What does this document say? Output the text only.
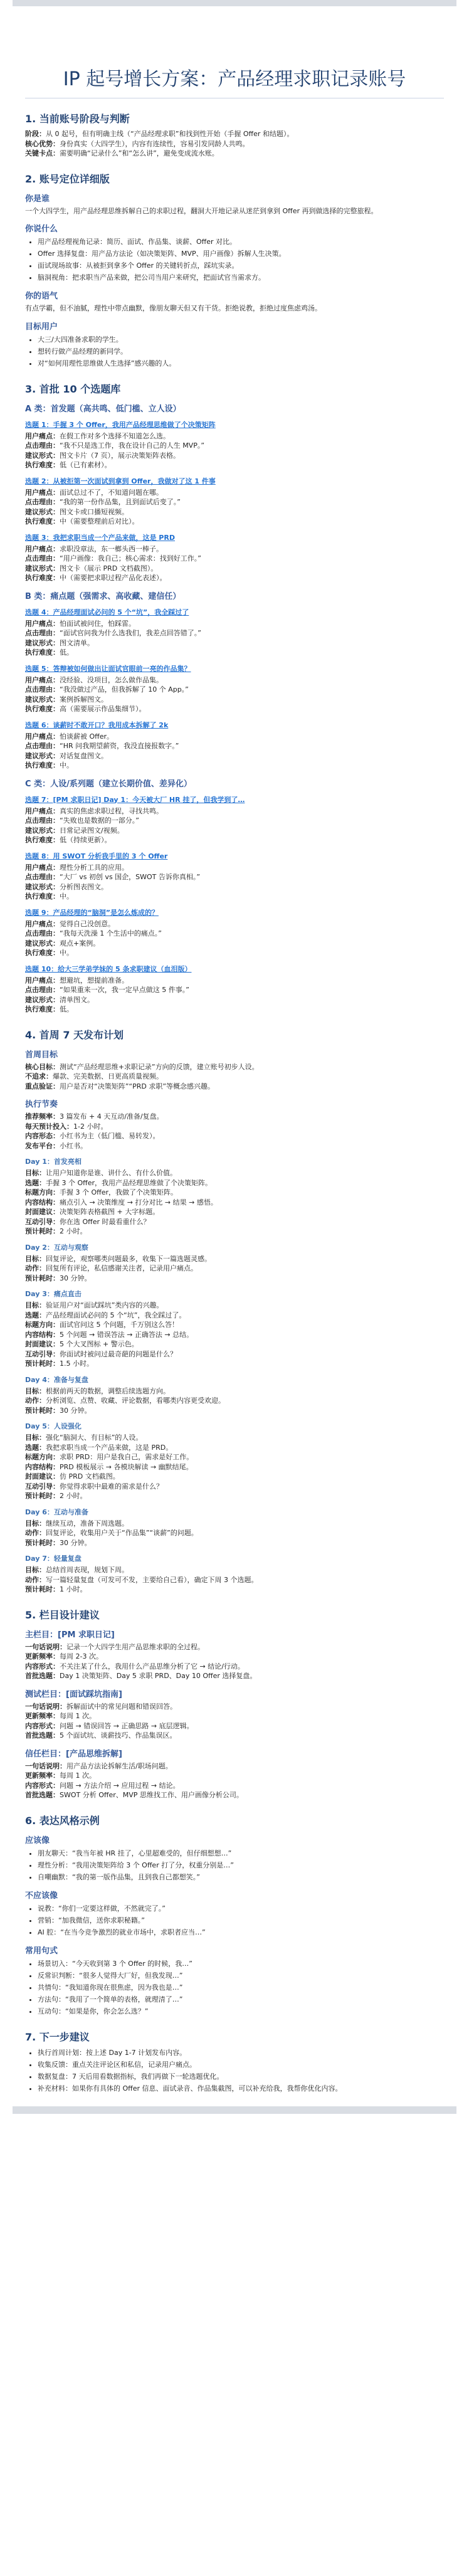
IP 起号增长方案：产品经理求职记录账号
1. 当前账号阶段与判断

阶段：从 0 起号，但有明确主线（“产品经理求职”和找到性开始（手握 Offer 和结题）。

核心优势：身份真实（大四学生），内容有连续性，容易引发同龄人共鸣。

关键卡点：需要明确“记录什么”和“怎么讲”，避免变成流水账。

2. 账号定位详细版
你是谁

一个大四学生，用产品经理思维拆解自己的求职过程，翻洞大开地记录从迷茫到拿到 Offer 再到做选择的完整旅程。

你说什么
• 用产品经理视角记录：简历、面试、作品集、谈薪、Offer 对比。
• Offer 选择复盘：用产品方法论（如决策矩阵、MVP、用户画像）拆解人生决策。
• 面试现场故事：从被拒到拿多个 Offer 的关键转折点，踩坑实录。
• 脑洞视角：把求职当产品来做，把公司当用户来研究，把面试官当需求方。
你的语气

有点学霸，但不油腻，理性中带点幽默，像朋友聊天但又有干货。拒绝说教，拒绝过度焦虑鸡汤。

目标用户
• 大三/大四准备求职的学生。
• 想转行做产品经理的新同学。
• 对“如何用理性思维做人生选择”感兴趣的人。
3. 首批 10 个选题库
A 类：首发题（高共鸣、低门槛、立人设）
选题 1：手握 3 个 Offer，我用产品经理思维做了个决策矩阵

用户痛点：在假工作对多个选择不知道怎么选。

点击理由：“我不只是选工作，我在设计自己的人生 MVP。”

建议形式：图文卡片（7 页），展示决策矩阵表格。

执行难度：低（已有素材）。

选题 2：从被拒第一次面试到拿到 Offer，我做对了这 1 件事

用户痛点：面试总过不了，不知道问题在哪。

点击理由：“我的第一份作品集，且到面试后变了。”

建议形式：图文卡或口播短视频。

执行难度：中（需要整理前后对比）。

选题 3：我把求职当成一个产品来做，这是 PRD

用户痛点：求职没章法，东一榔头西一棒子。

点击理由：“用户画像：我自己；核心需求：找到好工作。”

建议形式：图文卡（展示 PRD 文档截图）。

执行难度：中（需要把求职过程产品化表述）。

B 类：痛点题（强需求、高收藏、建信任）
选题 4：产品经理面试必问的 5 个“坑”，我全踩过了

用户痛点：怕面试被问住，怕踩雷。

点击理由：“面试官问我为什么选我们，我差点回答错了。”

建议形式：图文清单。

执行难度：低。

选题 5：答辩被如何做出让面试官眼前一亮的作品集？

用户痛点：没经验、没项目，怎么做作品集。

点击理由：“我没做过产品，但我拆解了 10 个 App。”

建议形式：案例拆解图文。

执行难度：高（需要展示作品集细节）。

选题 6：谈薪时不敢开口？我用成本拆解了 2k

用户痛点：怕谈薪被 Offer。

点击理由：“HR 问我期望薪资，我没直接报数字。”

建议形式：对话复盘图文。

执行难度：中。

C 类：人设/系列题（建立长期价值、差异化）
选题 7：[PM 求职日记] Day 1：今天被大厂 HR 挂了，但我学到了…

用户痛点：真实的焦虑求职过程，寻找共鸣。

点击理由：“失败也是数据的一部分。”

建议形式：日常记录图文/视频。

执行难度：低（持续更新）。

选题 8：用 SWOT 分析我手里的 3 个 Offer

用户痛点：理性分析工具的应用。

点击理由：“大厂 vs 初创 vs 国企，SWOT 告诉你真相。”

建议形式：分析图表图文。

执行难度：中。

选题 9：产品经理的“脑洞”是怎么炼成的？

用户痛点：觉得自己没创意。

点击理由：“我每天洗澡 1 个生活中的痛点。”

建议形式：观点+案例。

执行难度：中。

选题 10：给大三学弟学妹的 5 条求职建议（血泪版）

用户痛点：想避坑，想提前准备。

点击理由：“如果重来一次，我一定早点做这 5 件事。”

建议形式：清单图文。

执行难度：低。

4. 首周 7 天发布计划
首周目标

核心目标：测试“产品经理思维+求职记录”方向的反馈，建立账号初步人设。

不追求：爆款、完美数据、日更高质量视频。

重点验证：用户是否对“决策矩阵”“PRD 求职”等概念感兴趣。

执行节奏

推荐频率：3 篇发布 + 4 天互动/准备/复盘。

每天预计投入：1-2 小时。

内容形态：小红书为主（低门槛、易转发）。

发布平台：小红书。

Day 1：首发亮相

目标：让用户知道你是谁、讲什么、有什么价值。

选题：手握 3 个 Offer，我用产品经理思维做了个决策矩阵。

标题方向：手握 3 个 Offer，我做了个决策矩阵。

内容结构：痛点引入 → 决策维度 → 打分对比 → 结果 → 感悟。

封面建议：决策矩阵表格截图 + 大字标题。

互动引导：你在选 Offer 时最看重什么？

预计耗时：2 小时。

Day 2：互动与观察

目标：回复评论，观察哪类问题最多，收集下一篇选题灵感。

动作：回复所有评论，私信感谢关注者，记录用户痛点。

预计耗时：30 分钟。

Day 3：痛点直击

目标：验证用户对“面试踩坑”类内容的兴趣。

选题：产品经理面试必问的 5 个“坑”，我全踩过了。

标题方向：面试官问这 5 个问题，千万别这么答！

内容结构：5 个问题 → 错误答法 → 正确答法 → 总结。

封面建议：5 个大叉图标 + 警示色。

互动引导：你面试时被问过最奇葩的问题是什么？

预计耗时：1.5 小时。

Day 4：准备与复盘

目标：根据前两天的数据，调整后续选题方向。

动作：分析浏览、点赞、收藏、评论数据，看哪类内容更受欢迎。

预计耗时：30 分钟。

Day 5：人设强化

目标：强化“脑洞大、有目标”的人设。

选题：我把求职当成一个产品来做，这是 PRD。

标题方向：求职 PRD：用户是我自己，需求是好工作。

内容结构：PRD 模板展示 → 各模块解读 → 幽默结尾。

封面建议：仿 PRD 文档截图。

互动引导：你觉得求职中最难的需求是什么？

预计耗时：2 小时。

Day 6：互动与准备

目标：继续互动，准备下周选题。

动作：回复评论，收集用户关于“作品集”“谈薪”的问题。

预计耗时：30 分钟。

Day 7：轻量复盘

目标：总结首周表现，规划下周。

动作：写一篇轻量复盘（可发可不发，主要给自己看），确定下周 3 个选题。

预计耗时：1 小时。

5. 栏目设计建议
主栏目：[PM 求职日记]

一句话说明：记录一个大四学生用产品思维求职的全过程。

更新频率：每周 2-3 次。

内容形式：不关注某了什么，我用什么产品思维分析了它 → 结论/行动。

首批选题：Day 1 决策矩阵、Day 5 求职 PRD、Day 10 Offer 选择复盘。

测试栏目：[面试踩坑指南]

一句话说明：拆解面试中的常见问题和错误回答。

更新频率：每周 1 次。

内容形式：问题 → 错误回答 → 正确思路 → 底层逻辑。

首批选题：5 个面试坑、谈薪技巧、作品集误区。

信任栏目：[产品思维拆解]

一句话说明：用产品方法论拆解生活/职场问题。

更新频率：每周 1 次。

内容形式：问题 → 方法介绍 → 应用过程 → 结论。

首批选题：SWOT 分析 Offer、MVP 思维找工作、用户画像分析公司。

6. 表达风格示例
应该像
• 朋友聊天：“我当年被 HR 挂了，心里超难受的，但仔细想想…”
• 理性分析：“我用决策矩阵给 3 个 Offer 打了分，权重分别是…”
• 自嘲幽默：“我的第一版作品集，且到我自己都想笑。”
不应该像
• 说教：“你们一定要这样做，不然就完了。”
• 营销：“加我微信，送你求职秘籍。”
• AI 腔：“在当今竞争激烈的就业市场中，求职者应当…”
常用句式
• 场景切入：“今天收到第 3 个 Offer 的时候，我…”
• 反常识判断：“很多人觉得大厂好，但我发现…”
• 共情句：“我知道你现在很焦虑，因为我也是…”
• 方法句：“我用了一个简单的表格，就理清了…”
• 互动句：“如果是你，你会怎么选？”
7. 下一步建议
• 执行首周计划：按上述 Day 1-7 计划发布内容。
• 收集反馈：重点关注评论区和私信，记录用户痛点。
• 数据复盘：7 天后用看数据指标，我们再做下一轮选题优化。
• 补充材料：如果你有具体的 Offer 信息、面试录音、作品集截图，可以补充给我，我帮你优化内容。
